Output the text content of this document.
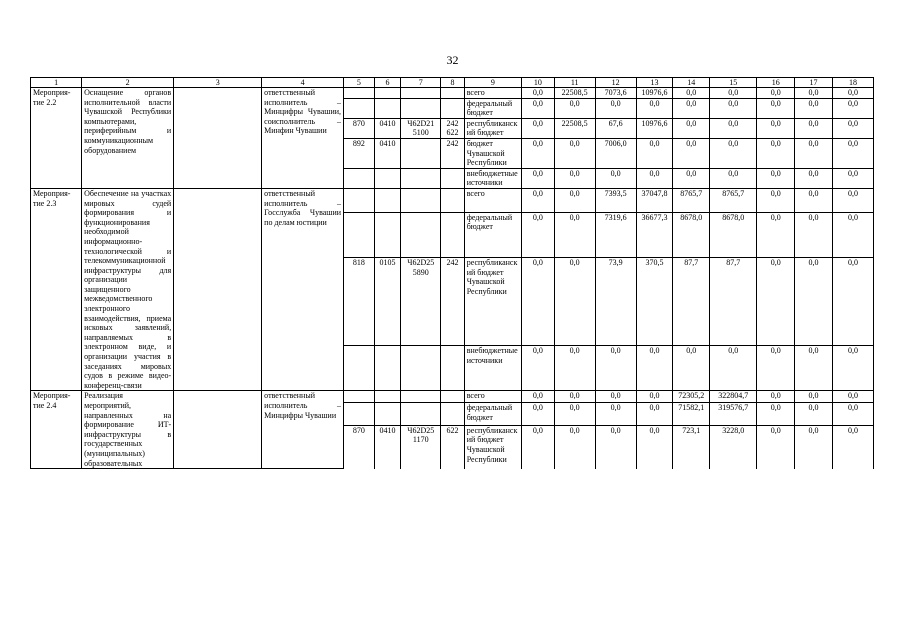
32
1	2	3	4	5	6	7	8	9	10	11	12	13	14	15	16	17	18
Мероприя-тие 2.2	Оснащение органов исполнительной власти Чувашской Республики компьютерами, периферийным и коммуникационным оборудованием		ответственный исполнитель – Минцифры Чувашии, соисполнитель – Минфин Чувашии					всего	0,0	22508,5	7073,6	10976,6	0,0	0,0	0,0	0,0	0,0
								федеральный бюджет	0,0	0,0	0,0	0,0	0,0	0,0	0,0	0,0	0,0
				870	0410	Ч62D21 5100	242 622	республиканский бюджет	0,0	22508,5	67,6	10976,6	0,0	0,0	0,0	0,0	0,0
				892	0410		242	бюджет Чувашской Республики	0,0	0,0	7006,0	0,0	0,0	0,0	0,0	0,0	0,0
								внебюджетные источники	0,0	0,0	0,0	0,0	0,0	0,0	0,0	0,0	0,0
Мероприя-тие 2.3	Обеспечение на участках мировых судей формирования и функционирования необходимой информационно-технологической и телекоммуникационной инфраструктуры для организации защищенного межведомственного электронного взаимодействия, приема исковых заявлений, направляемых в электронном виде, и организации участия в заседаниях мировых судов в режиме видео-конференц-связи		ответственный исполнитель – Госслужба Чувашии по делам юстиции					всего	0,0	0,0	7393,5	37047,8	8765,7	8765,7	0,0	0,0	0,0
								федеральный бюджет	0,0	0,0	7319,6	36677,3	8678,0	8678,0	0,0	0,0	0,0
				818	0105	Ч62D25 5890	242	республиканский бюджет Чувашской Республики	0,0	0,0	73,9	370,5	87,7	87,7	0,0	0,0	0,0
								внебюджетные источники	0,0	0,0	0,0	0,0	0,0	0,0	0,0	0,0	0,0
Мероприя-тие 2.4	Реализация мероприятий, направленных на формирование ИТ-инфраструктуры в государственных (муниципальных) образовательных		ответственный исполнитель – Минцифры Чувашии					всего	0,0	0,0	0,0	0,0	72305,2	322804,7	0,0	0,0	0,0
								федеральный бюджет	0,0	0,0	0,0	0,0	71582,1	319576,7	0,0	0,0	0,0
				870	0410	Ч62D25 1170	622	республиканский бюджет Чувашской Республики	0,0	0,0	0,0	0,0	723,1	3228,0	0,0	0,0	0,0
